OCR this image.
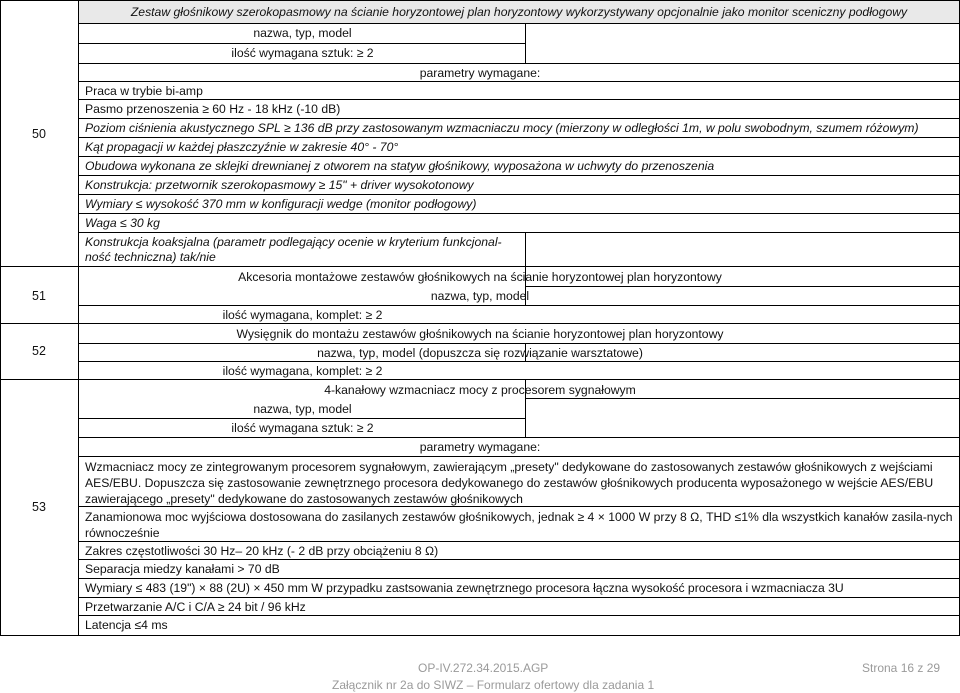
50
51
52
53
Zestaw głośnikowy szerokopasmowy na ścianie horyzontowej plan horyzontowy wykorzystywany opcjonalnie jako monitor sceniczny podłogowy
nazwa, typ, model
ilość wymagana sztuk: ≥ 2
parametry wymagane:
Praca w trybie bi-amp
Pasmo przenoszenia ≥ 60 Hz - 18 kHz (-10 dB)
Poziom ciśnienia akustycznego SPL ≥ 136 dB przy zastosowanym wzmacniaczu mocy (mierzony w odległości 1m, w polu swobodnym, szumem różowym)
Kąt propagacji w każdej płaszczyźnie w zakresie 40° - 70°
Obudowa wykonana ze sklejki drewnianej z otworem na statyw głośnikowy, wyposażona w uchwyty do przenoszenia
Konstrukcja: przetwornik szerokopasmowy ≥ 15" + driver wysokotonowy
Wymiary ≤ wysokość 370 mm w konfiguracji wedge (monitor podłogowy)
Waga ≤ 30 kg
Konstrukcja koaksjalna (parametr podlegający ocenie w kryterium funkcjonal-ność techniczna) tak/nie
Akcesoria montażowe zestawów głośnikowych na ścianie horyzontowej plan horyzontowy
nazwa, typ, model
ilość wymagana, komplet: ≥ 2
Wysięgnik do montażu zestawów głośnikowych na ścianie horyzontowej plan horyzontowy
nazwa, typ, model (dopuszcza się rozwiązanie warsztatowe)
ilość wymagana, komplet: ≥ 2
4-kanałowy wzmacniacz mocy z procesorem sygnałowym
nazwa, typ, model
ilość wymagana sztuk: ≥ 2
parametry wymagane:
Wzmacniacz mocy ze zintegrowanym procesorem sygnałowym, zawierającym „presety" dedykowane do zastosowanych zestawów głośnikowych z wejściami AES/EBU. Dopuszcza się zastosowanie zewnętrznego procesora dedykowanego do zestawów głośnikowych producenta wyposażonego w wejście AES/EBU zawierającego „presety" dedykowane do zastosowanych zestawów głośnikowych
Zanamionowa moc wyjściowa dostosowana do zasilanych zestawów głośnikowych, jednak ≥ 4 × 1000 W przy 8 Ω, THD ≤1% dla wszystkich kanałów zasila-nych równocześnie
Zakres częstotliwości 30 Hz– 20 kHz (- 2 dB przy obciążeniu 8 Ω)
Separacja miedzy kanałami > 70 dB
Wymiary ≤ 483 (19") × 88 (2U) × 450 mm W przypadku zastsowania zewnętrznego procesora łączna wysokość procesora i wzmacniacza 3U
Przetwarzanie A/C i C/A ≥ 24 bit / 96 kHz
Latencja ≤4 ms
OP-IV.272.34.2015.AGP	Strona 16 z 29
Załącznik nr 2a do SIWZ – Formularz ofertowy dla zadania 1
